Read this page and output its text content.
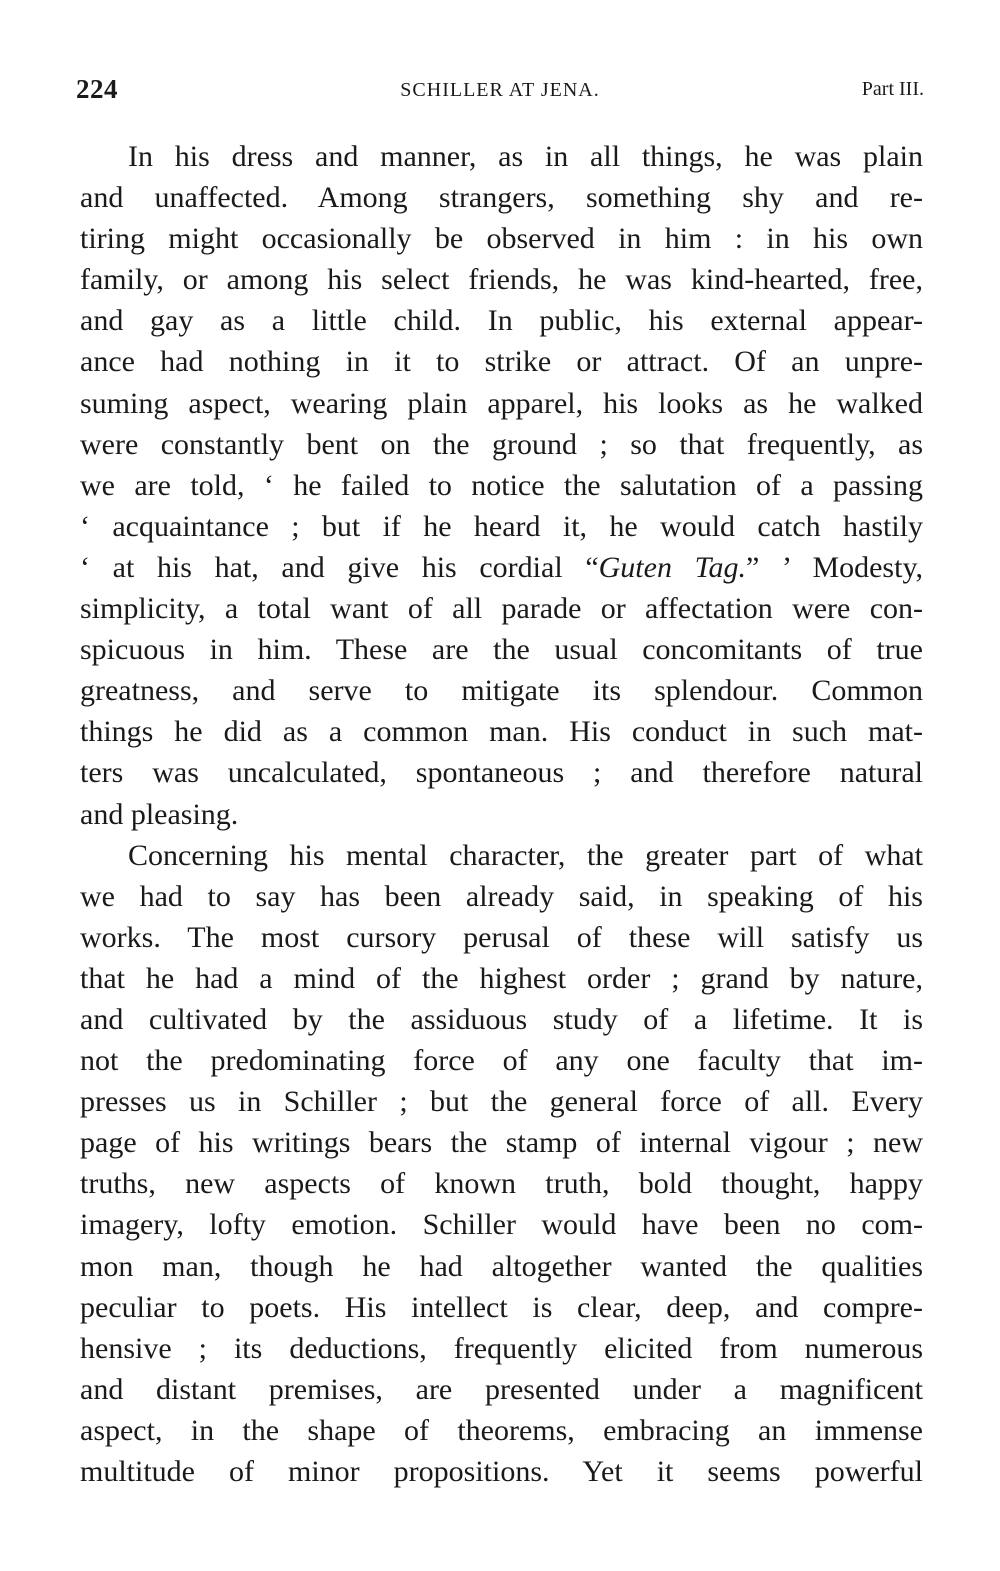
224	SCHILLER AT JENA.	Part III.
In his dress and manner, as in all things, he was plain
and unaffected. Among strangers, something shy and re-
tiring might occasionally be observed in him : in his own
family, or among his select friends, he was kind-hearted, free,
and gay as a little child. In public, his external appear-
ance had nothing in it to strike or attract. Of an unpre-
suming aspect, wearing plain apparel, his looks as he walked
were constantly bent on the ground ; so that frequently, as
we are told, ‘ he failed to notice the salutation of a passing
‘ acquaintance ; but if he heard it, he would catch hastily
‘ at his hat, and give his cordial “Guten Tag.” ’ Modesty,
simplicity, a total want of all parade or affectation were con-
spicuous in him. These are the usual concomitants of true
greatness, and serve to mitigate its splendour. Common
things he did as a common man. His conduct in such mat-
ters was uncalculated, spontaneous ; and therefore natural
and pleasing.
Concerning his mental character, the greater part of what
we had to say has been already said, in speaking of his
works. The most cursory perusal of these will satisfy us
that he had a mind of the highest order ; grand by nature,
and cultivated by the assiduous study of a lifetime. It is
not the predominating force of any one faculty that im-
presses us in Schiller ; but the general force of all. Every
page of his writings bears the stamp of internal vigour ; new
truths, new aspects of known truth, bold thought, happy
imagery, lofty emotion. Schiller would have been no com-
mon man, though he had altogether wanted the qualities
peculiar to poets. His intellect is clear, deep, and compre-
hensive ; its deductions, frequently elicited from numerous
and distant premises, are presented under a magnificent
aspect, in the shape of theorems, embracing an immense
multitude of minor propositions. Yet it seems powerful
